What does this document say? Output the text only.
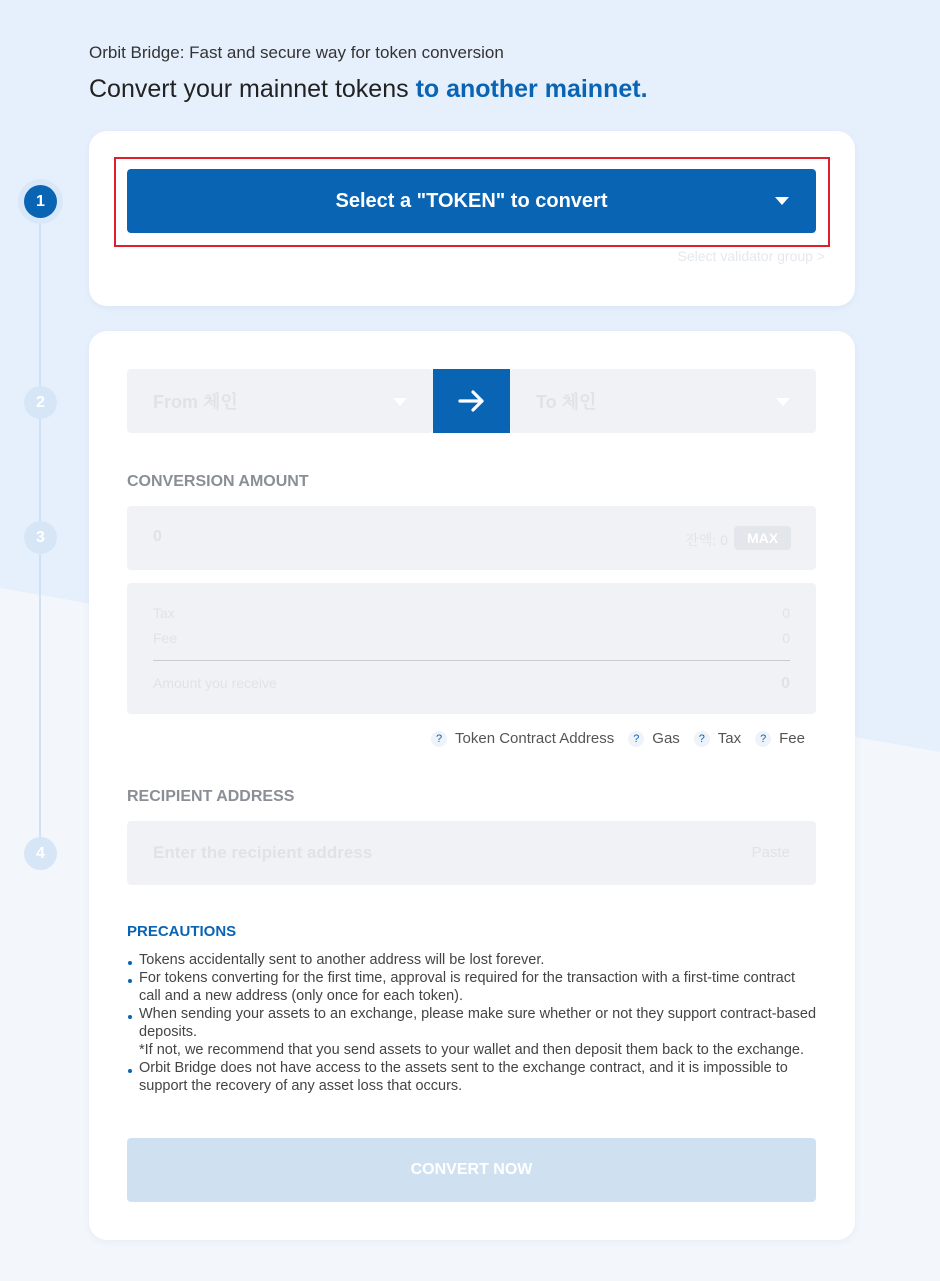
Orbit Bridge: Fast and secure way for token conversion
Convert your mainnet tokens to another mainnet.
1
2
3
4
Select a "TOKEN" to convert
Select validator group >
From 체인	To 체인
CONVERSION AMOUNT
0	잔액: 0	MAX
Tax	0
Fee	0
Amount you receive	0
? Token Contract Address	? Gas	? Tax	? Fee
RECIPIENT ADDRESS
Enter the recipient address
Paste
PRECAUTIONS
Tokens accidentally sent to another address will be lost forever.
For tokens converting for the first time, approval is required for the transaction with a first-time contract call and a new address (only once for each token).
When sending your assets to an exchange, please make sure whether or not they support contract-based deposits.
*If not, we recommend that you send assets to your wallet and then deposit them back to the exchange.
Orbit Bridge does not have access to the assets sent to the exchange contract, and it is impossible to support the recovery of any asset loss that occurs.
CONVERT NOW
